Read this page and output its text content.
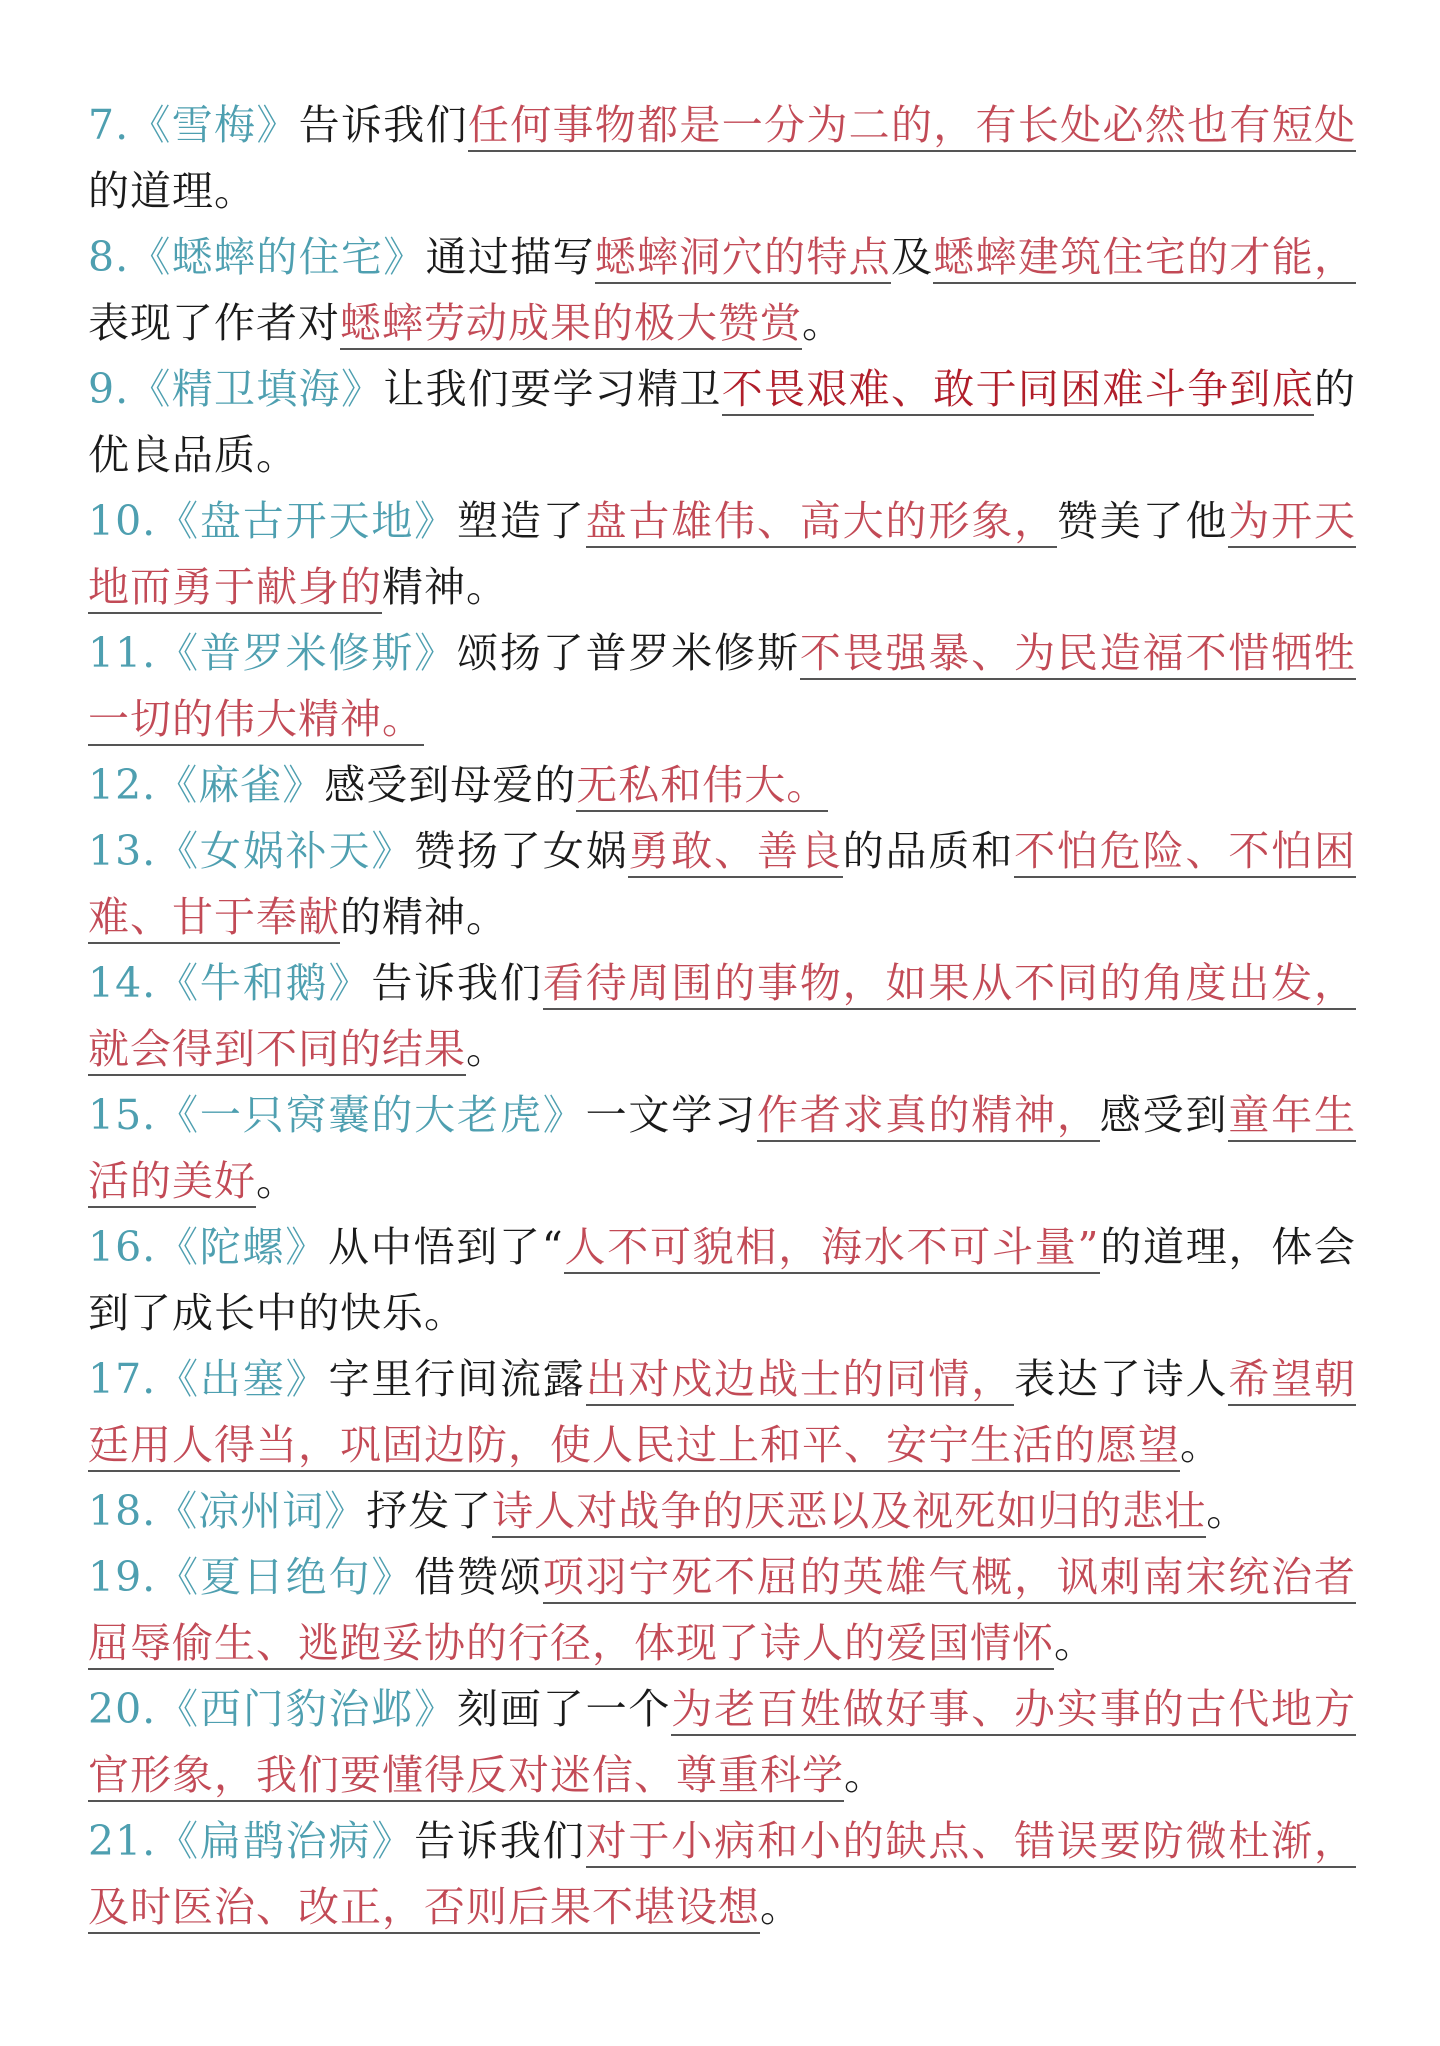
7.《雪梅》告诉我们任何事物都是一分为二的，有长处必然也有短处的道理。

8.《蟋蟀的住宅》通过描写蟋蟀洞穴的特点及蟋蟀建筑住宅的才能，表现了作者对蟋蟀劳动成果的极大赞赏。

9.《精卫填海》让我们要学习精卫不畏艰难、敢于同困难斗争到底的优良品质。

10.《盘古开天地》塑造了盘古雄伟、高大的形象，赞美了他为开天地而勇于献身的精神。

11.《普罗米修斯》颂扬了普罗米修斯不畏强暴、为民造福不惜牺牲一切的伟大精神。

12.《麻雀》感受到母爱的无私和伟大。

13.《女娲补天》赞扬了女娲勇敢、善良的品质和不怕危险、不怕困难、甘于奉献的精神。

14.《牛和鹅》告诉我们看待周围的事物，如果从不同的角度出发，就会得到不同的结果。

15.《一只窝囊的大老虎》一文学习作者求真的精神，感受到童年生活的美好。

16.《陀螺》从中悟到了“人不可貌相，海水不可斗量”的道理，体会到了成长中的快乐。

17.《出塞》字里行间流露出对戍边战士的同情，表达了诗人希望朝廷用人得当，巩固边防，使人民过上和平、安宁生活的愿望。

18.《凉州词》抒发了诗人对战争的厌恶以及视死如归的悲壮。

19.《夏日绝句》借赞颂项羽宁死不屈的英雄气概，讽刺南宋统治者屈辱偷生、逃跑妥协的行径，体现了诗人的爱国情怀。

20.《西门豹治邺》刻画了一个为老百姓做好事、办实事的古代地方官形象，我们要懂得反对迷信、尊重科学。

21.《扁鹊治病》告诉我们对于小病和小的缺点、错误要防微杜渐，及时医治、改正，否则后果不堪设想。
